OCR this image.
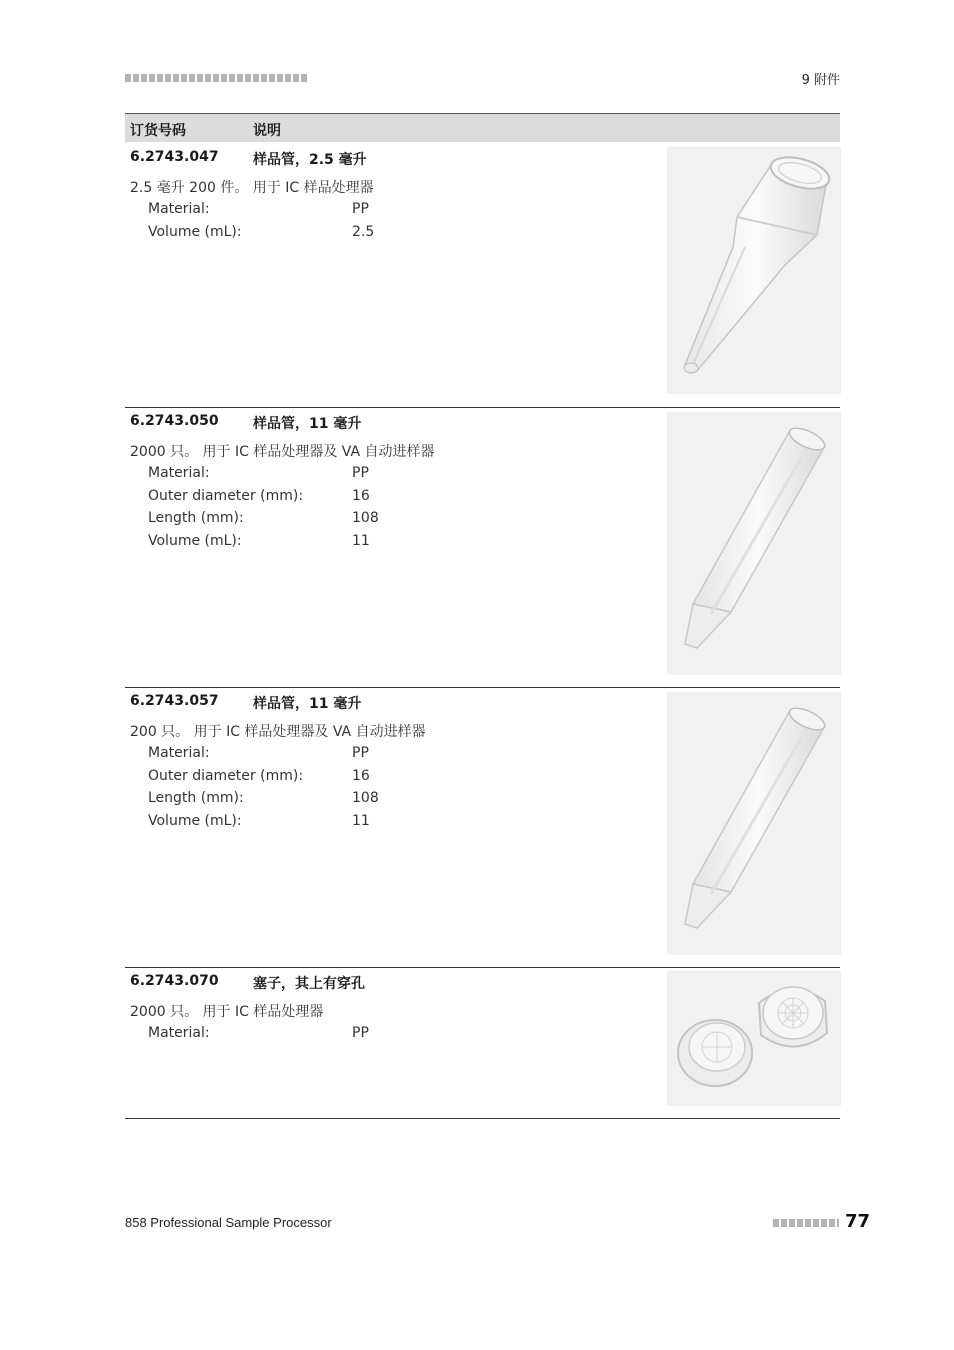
9 附件
订货号码	说明
6.2743.047 样品管，2.5 毫升
2.5 毫升 200 件。 用于 IC 样品处理器
Material:	PP
Volume (mL):	2.5
6.2743.050 样品管，11 毫升
2000 只。 用于 IC 样品处理器及 VA 自动进样器
Material:	PP
Outer diameter (mm):	16
Length (mm):	108
Volume (mL):	11
6.2743.057 样品管，11 毫升
200 只。 用于 IC 样品处理器及 VA 自动进样器
Material:	PP
Outer diameter (mm):	16
Length (mm):	108
Volume (mL):	11
6.2743.070 塞子，其上有穿孔
2000 只。 用于 IC 样品处理器
Material:	PP
858 Professional Sample Processor	77
